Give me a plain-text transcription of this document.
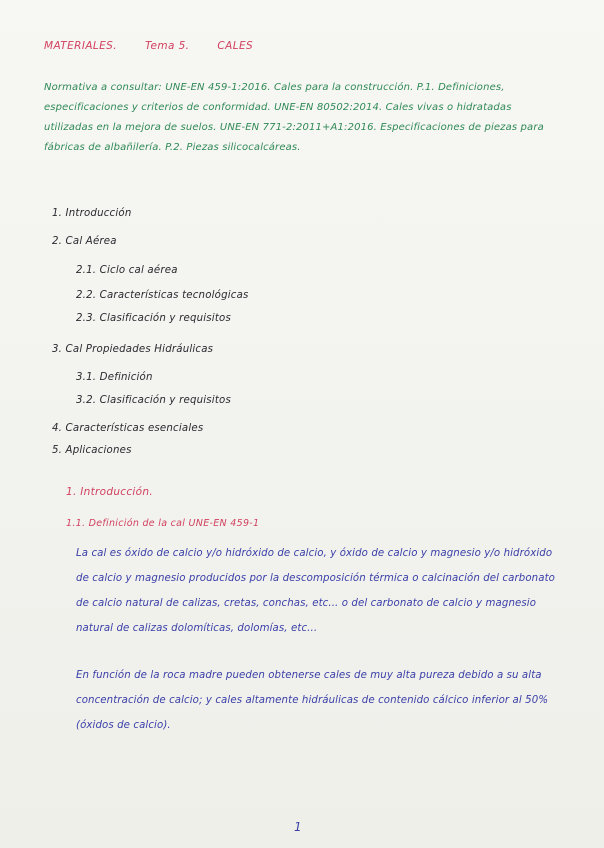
MATERIALES.	Tema 5.	CALES

Normativa a consultar: UNE-EN 459-1:2016. Cales para la construcción. P.1. Definiciones, especificaciones y criterios de conformidad. UNE-EN 80502:2014. Cales vivas o hidratadas utilizadas en la mejora de suelos. UNE-EN 771-2:2011+A1:2016. Especificaciones de piezas para fábricas de albañilería. P.2. Piezas silicocalcáreas.

1. Introducción
2. Cal Aérea
2.1. Ciclo cal aérea
2.2. Características tecnológicas
2.3. Clasificación y requisitos
3. Cal Propiedades Hidráulicas
3.1. Definición
3.2. Clasificación y requisitos
4. Características esenciales
5. Aplicaciones
1. Introducción.
1.1. Definición de la cal UNE-EN 459-1

La cal es óxido de calcio y/o hidróxido de calcio, y óxido de calcio y magnesio y/o hidróxido de calcio y magnesio producidos por la descomposición térmica o calcinación del carbonato de calcio natural de calizas, cretas, conchas, etc... o del carbonato de calcio y magnesio natural de calizas dolomíticas, dolomías, etc...

En función de la roca madre pueden obtenerse cales de muy alta pureza debido a su alta concentración de calcio; y cales altamente hidráulicas de contenido cálcico inferior al 50% (óxidos de calcio).

1
